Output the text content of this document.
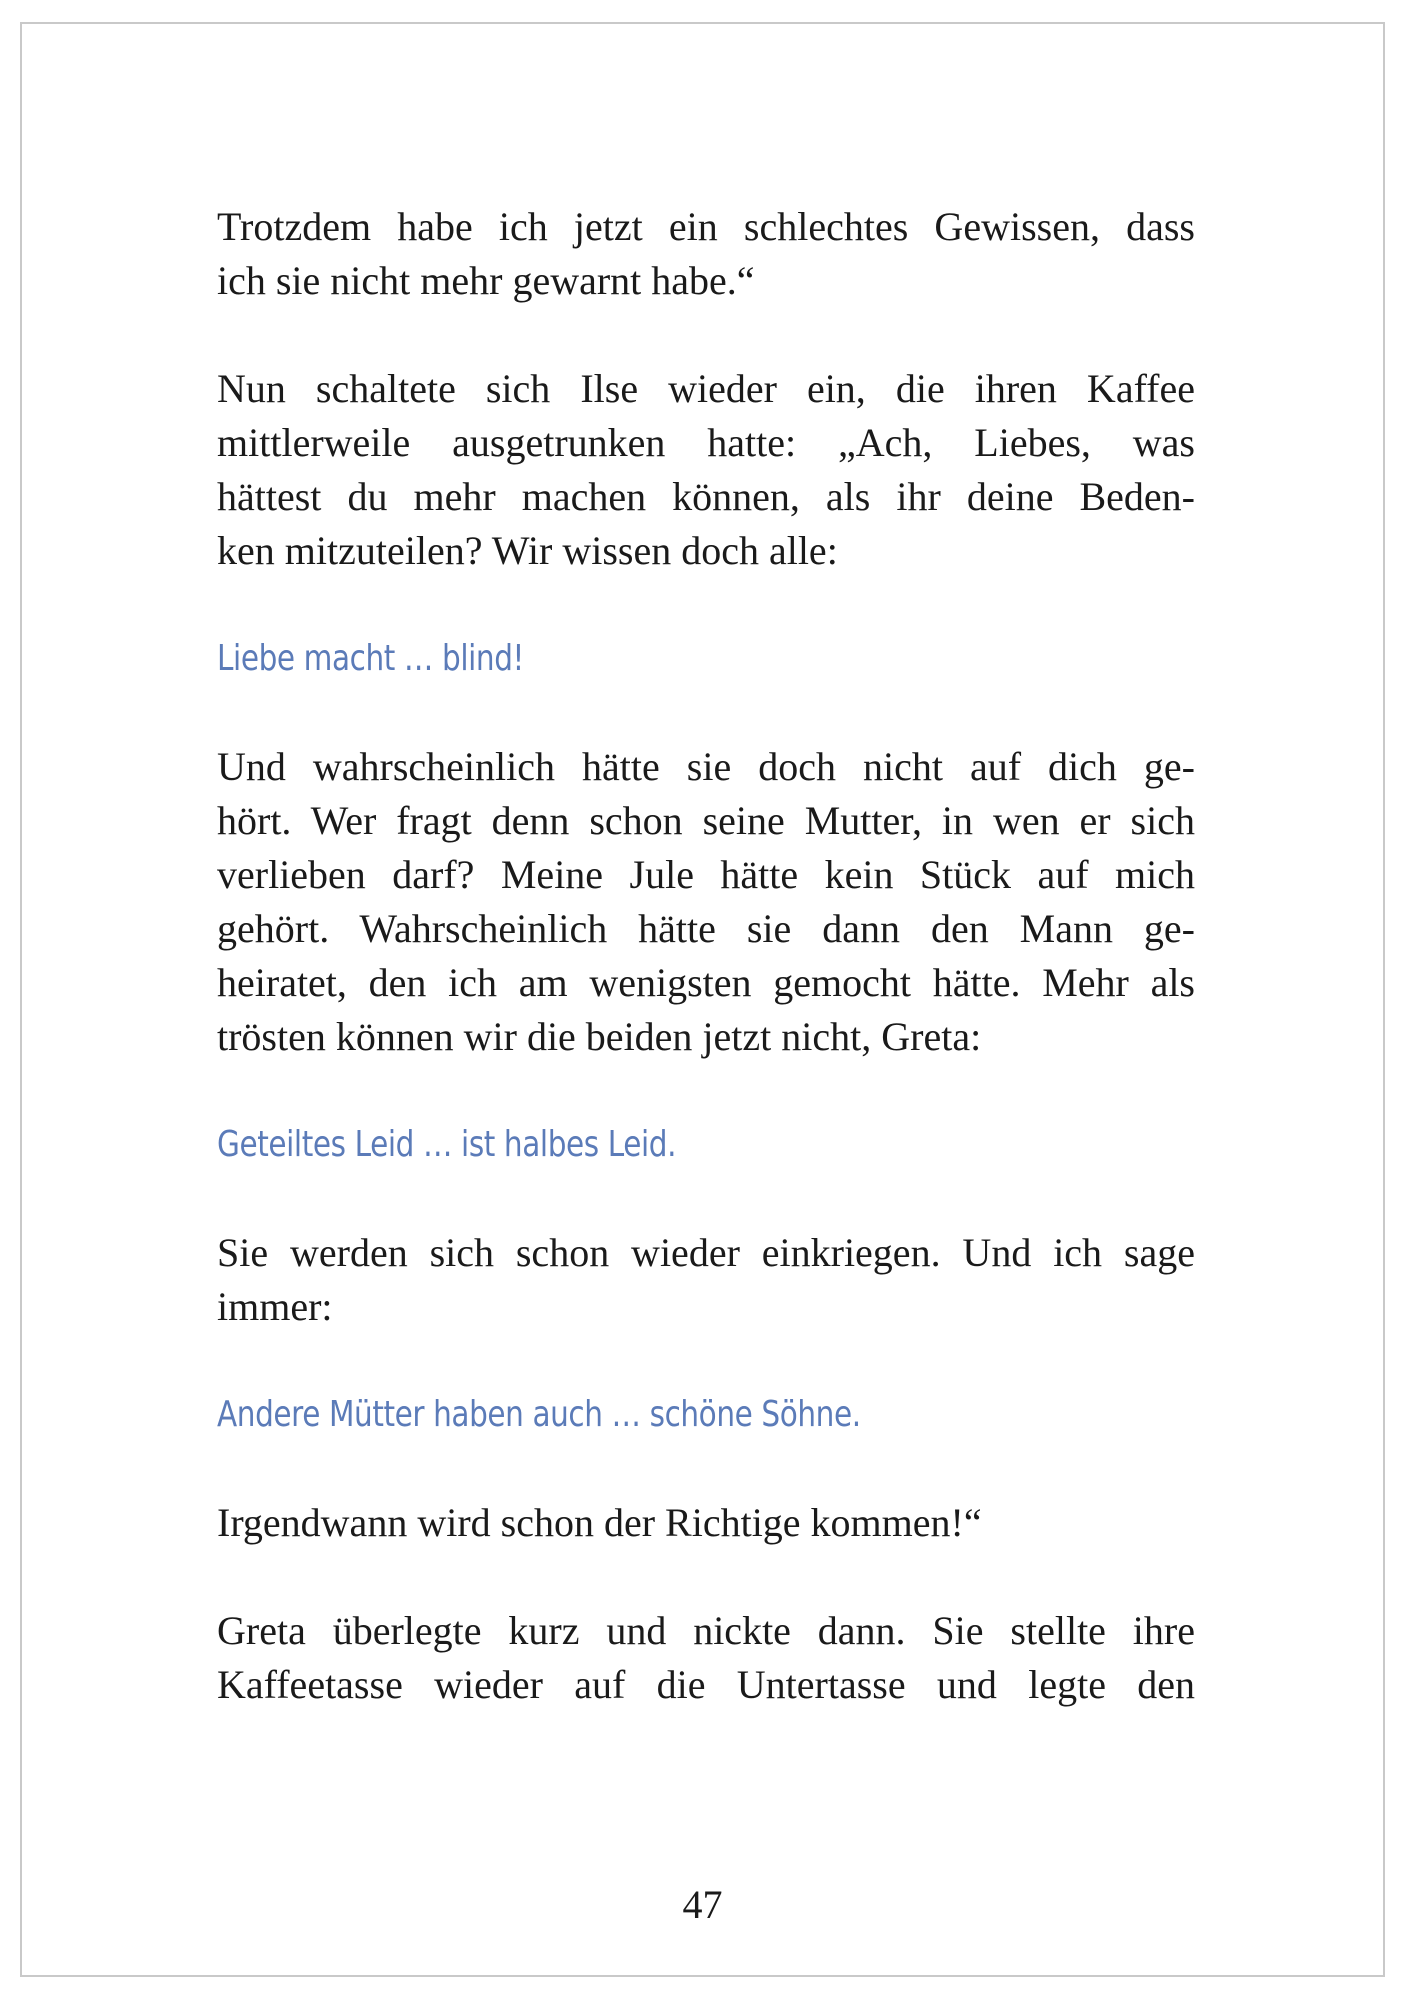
Trotzdem habe ich jetzt ein schlechtes Gewissen, dass
ich sie nicht mehr gewarnt habe.“

Nun schaltete sich Ilse wieder ein, die ihren Kaffee
mittlerweile ausgetrunken hatte: „Ach, Liebes, was
hättest du mehr machen können, als ihr deine Beden-
ken mitzuteilen? Wir wissen doch alle:

Liebe macht … blind!

Und wahrscheinlich hätte sie doch nicht auf dich ge-
hört. Wer fragt denn schon seine Mutter, in wen er sich
verlieben darf? Meine Jule hätte kein Stück auf mich
gehört. Wahrscheinlich hätte sie dann den Mann ge-
heiratet, den ich am wenigsten gemocht hätte. Mehr als
trösten können wir die beiden jetzt nicht, Greta:

Geteiltes Leid … ist halbes Leid.

Sie werden sich schon wieder einkriegen. Und ich sage
immer:

Andere Mütter haben auch … schöne Söhne.

Irgendwann wird schon der Richtige kommen!“

Greta überlegte kurz und nickte dann. Sie stellte ihre
Kaffeetasse wieder auf die Untertasse und legte den

47
